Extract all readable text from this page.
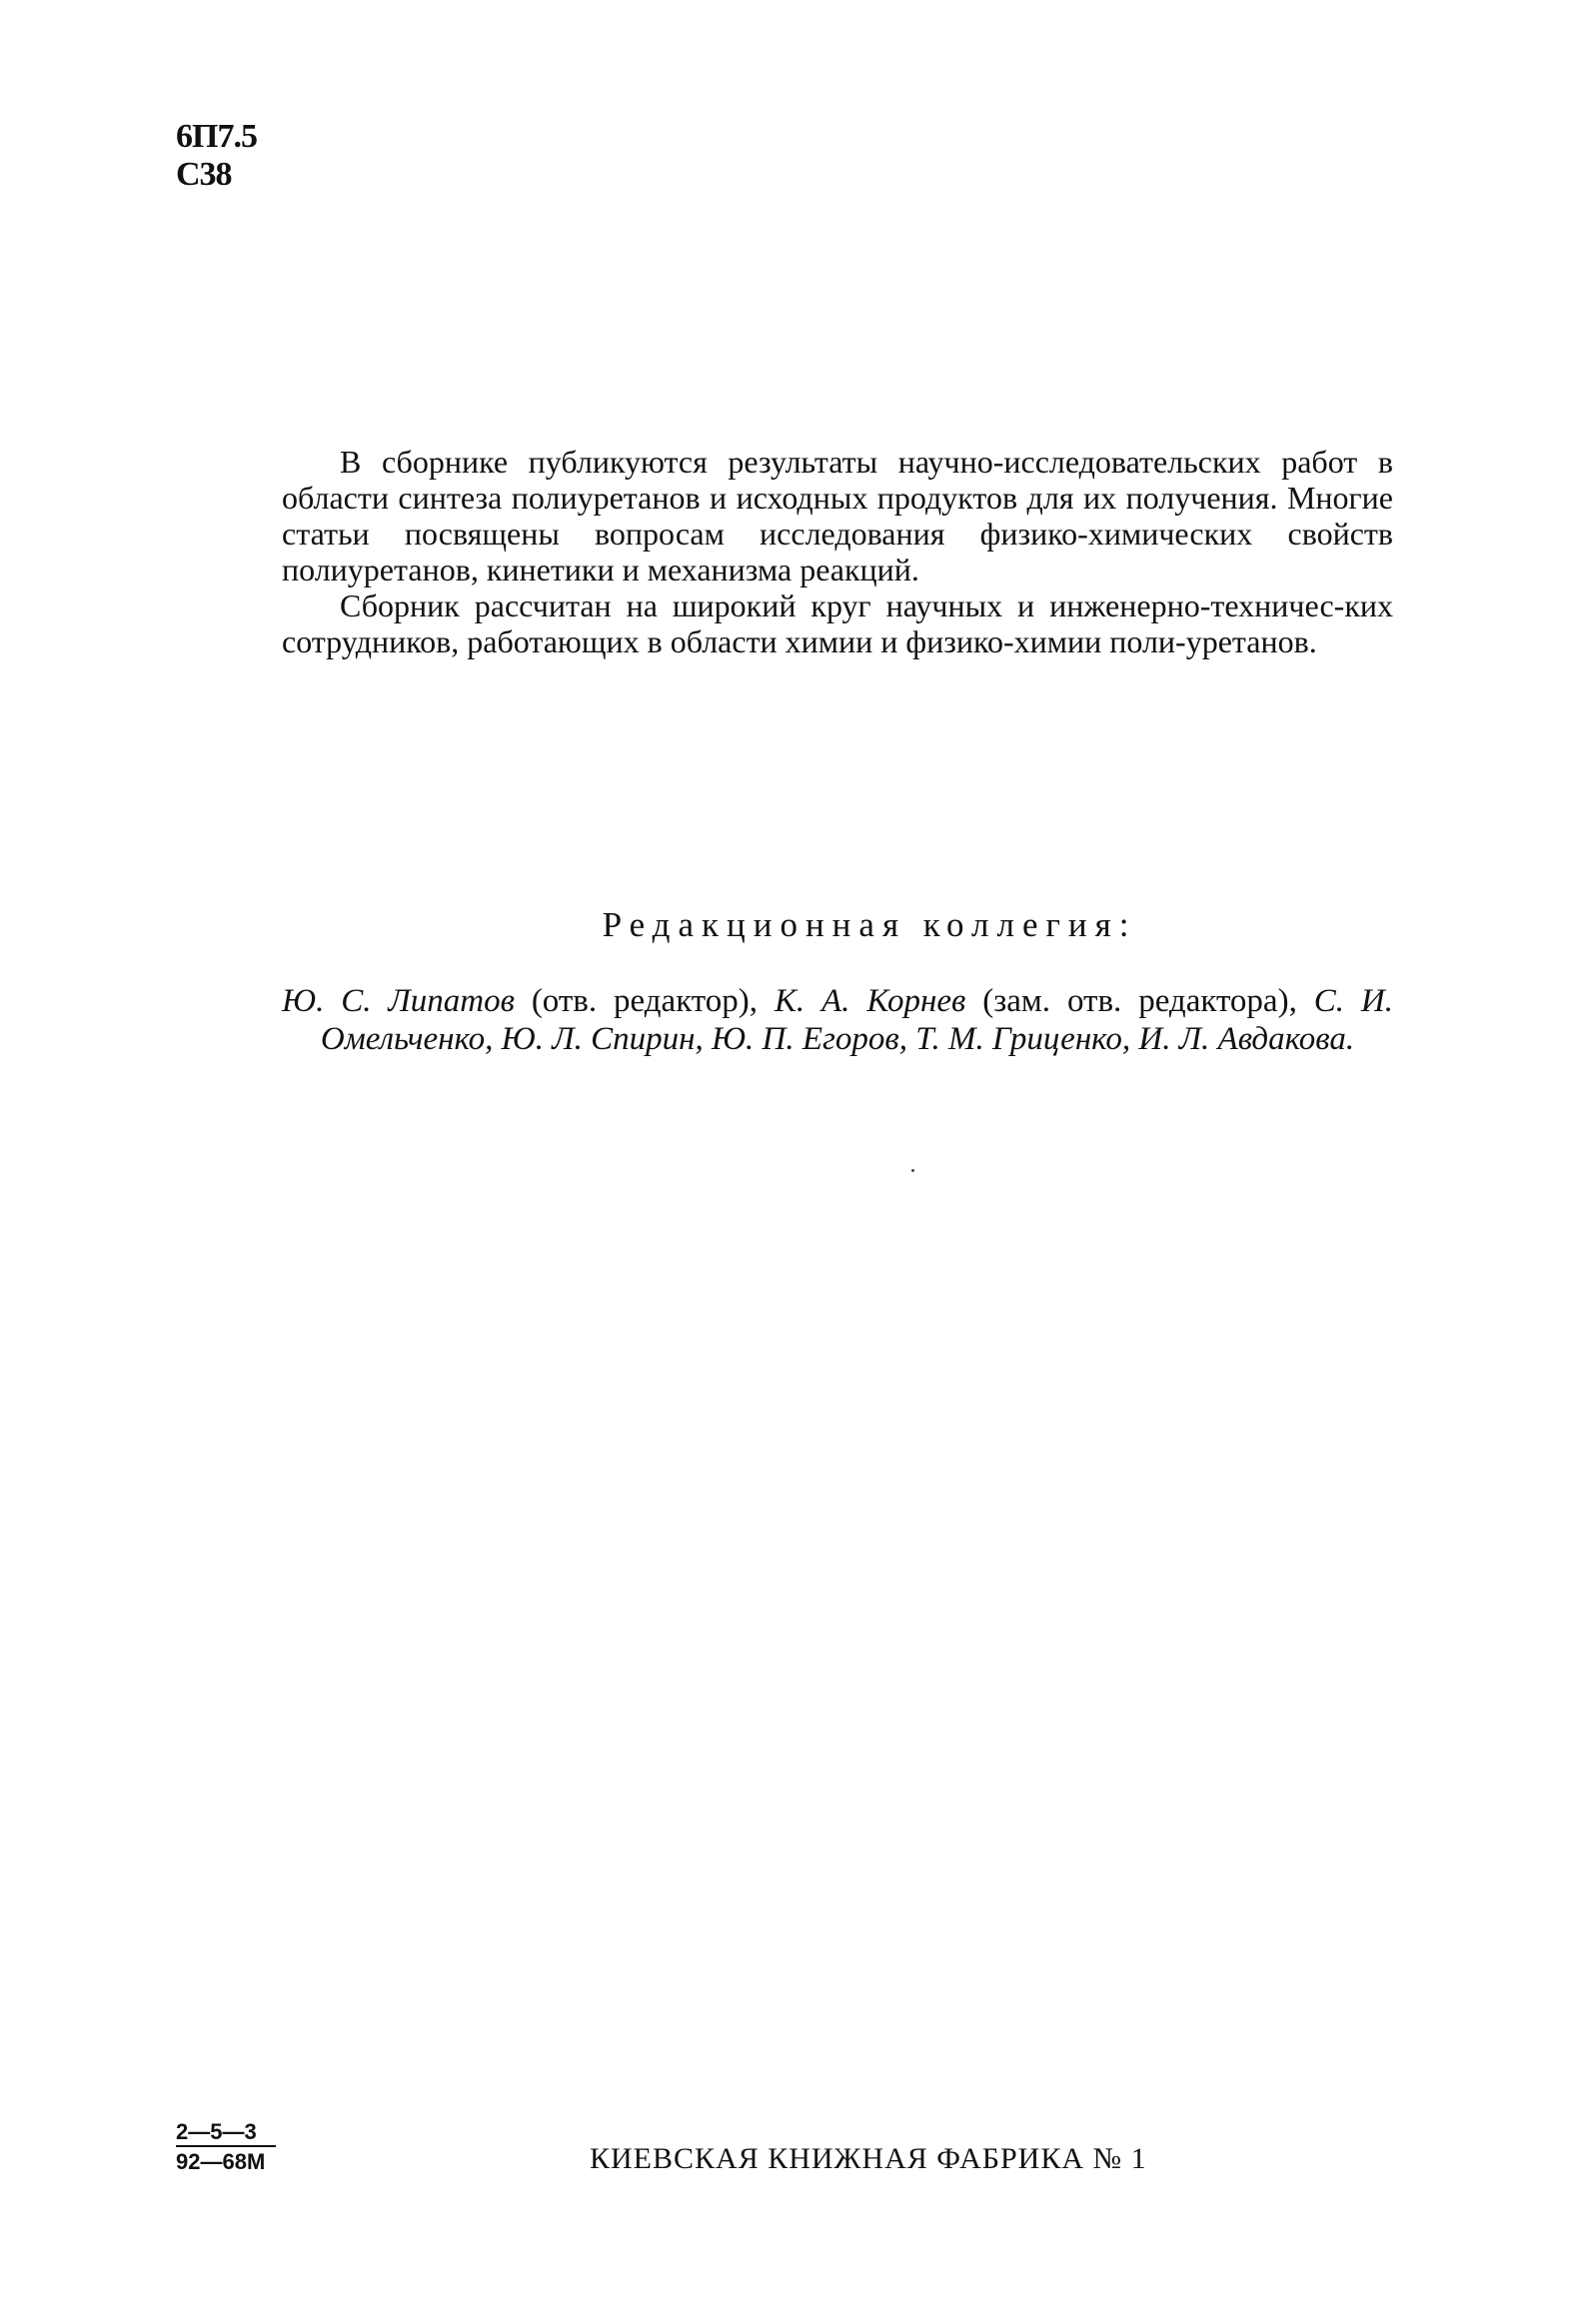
6П7.5
С38

В сборнике публикуются результаты научно-исследовательских работ в области синтеза полиуретанов и исходных продуктов для их получения. Многие статьи посвящены вопросам исследования физико-химических свойств полиуретанов, кинетики и механизма реакций.

Сборник рассчитан на широкий круг научных и инженерно-техничес-ких сотрудников, работающих в области химии и физико-химии поли-уретанов.

Редакционная коллегия:
Ю. С. Липатов (отв. редактор), К. А. Корнев (зам. отв. редактора), С. И. Омельченко, Ю. Л. Спирин, Ю. П. Егоров, Т. М. Гриценко, И. Л. Авдакова.
2—5—3
92—68М	КИЕВСКАЯ КНИЖНАЯ ФАБРИКА № 1
